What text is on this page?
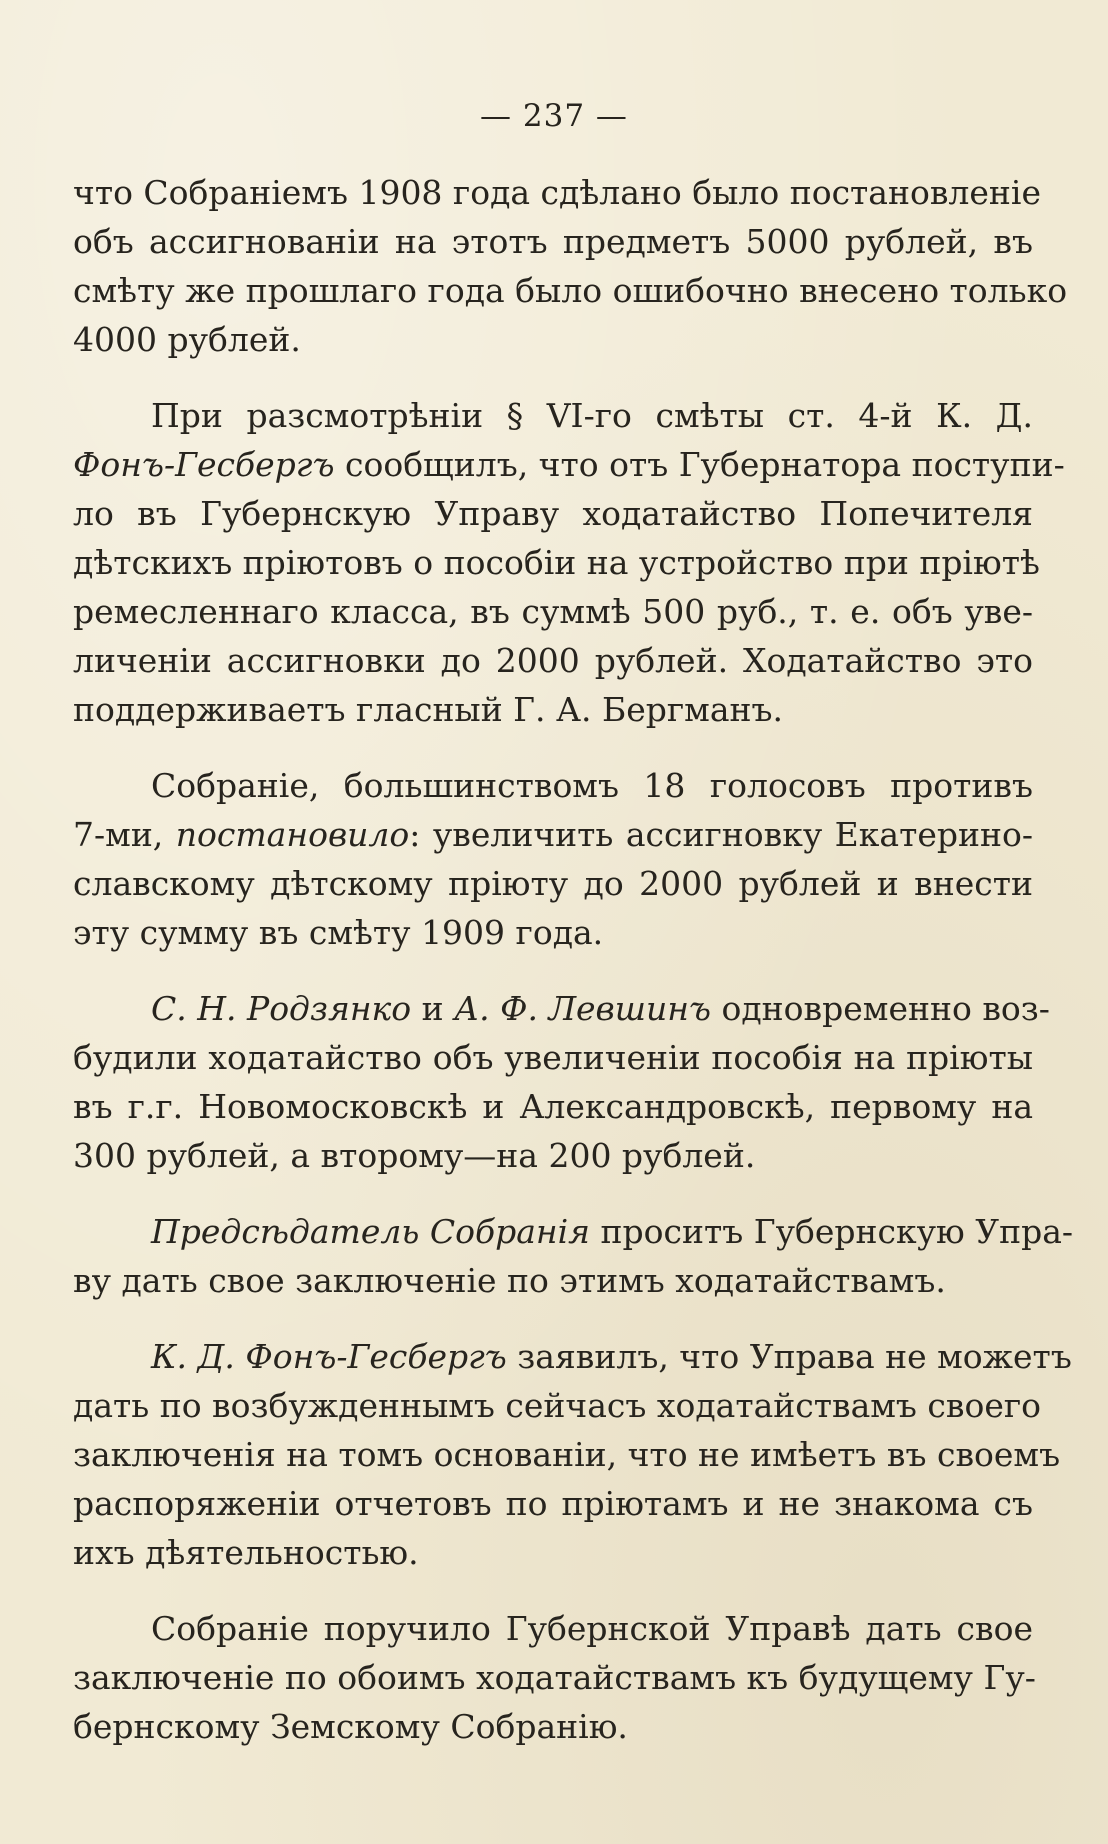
— 237 —

что Собраніемъ 1908 года сдѣлано было постановленіе
объ ассигнованіи на этотъ предметъ 5000 рублей, въ
смѣту же прошлаго года было ошибочно внесено только
4000 рублей.

При разсмотрѣніи § VI-го смѣты ст. 4-й К. Д.
Фонъ-Гесбергъ сообщилъ, что отъ Губернатора поступи-
ло въ Губернскую Управу ходатайство Попечителя
дѣтскихъ пріютовъ о пособіи на устройство при пріютѣ
ремесленнаго класса, въ суммѣ 500 руб., т. е. объ уве-
личеніи ассигновки до 2000 рублей. Ходатайство это
поддерживаетъ гласный Г. А. Бергманъ.

Собраніе, большинствомъ 18 голосовъ противъ
7-ми, постановило: увеличить ассигновку Екатерино-
славскому дѣтскому пріюту до 2000 рублей и внести
эту сумму въ смѣту 1909 года.

С. Н. Родзянко и А. Ф. Левшинъ одновременно воз-
будили ходатайство объ увеличеніи пособія на пріюты
въ г.г. Новомосковскѣ и Александровскѣ, первому на
300 рублей, а второму—на 200 рублей.

Предсѣдатель Собранія проситъ Губернскую Упра-
ву дать свое заключеніе по этимъ ходатайствамъ.

К. Д. Фонъ-Гесбергъ заявилъ, что Управа не можетъ
дать по возбужденнымъ сейчасъ ходатайствамъ своего
заключенія на томъ основаніи, что не имѣетъ въ своемъ
распоряженіи отчетовъ по пріютамъ и не знакома съ
ихъ дѣятельностью.

Собраніе поручило Губернской Управѣ дать свое
заключеніе по обоимъ ходатайствамъ къ будущему Гу-
бернскому Земскому Собранію.
